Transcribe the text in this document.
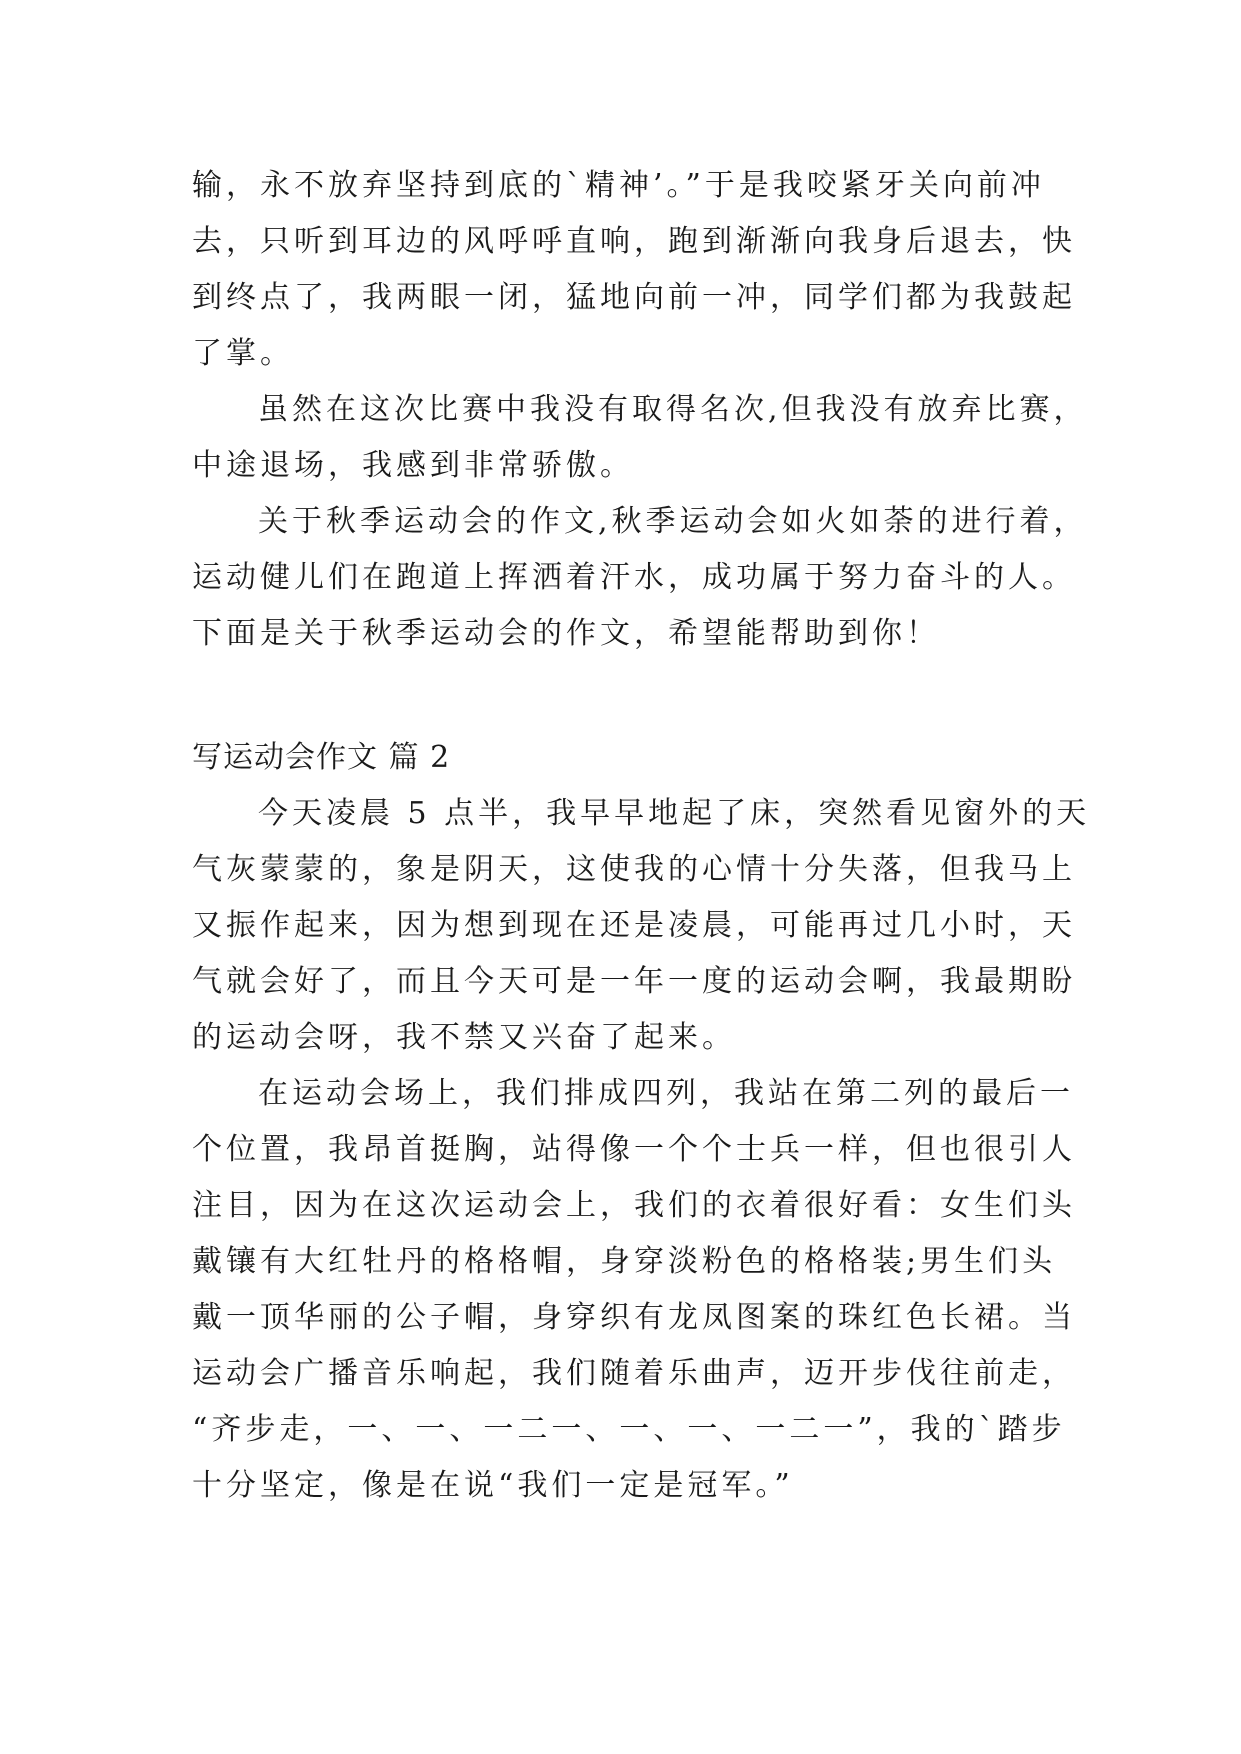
输，永不放弃坚持到底的`精神’。”于是我咬紧牙关向前冲
去，只听到耳边的风呼呼直响，跑到渐渐向我身后退去，快
到终点了，我两眼一闭，猛地向前一冲，同学们都为我鼓起
了掌。
虽然在这次比赛中我没有取得名次,但我没有放弃比赛，
中途退场，我感到非常骄傲。
关于秋季运动会的作文,秋季运动会如火如荼的进行着，
运动健儿们在跑道上挥洒着汗水，成功属于努力奋斗的人。
下面是关于秋季运动会的作文，希望能帮助到你！
写运动会作文 篇 2
今天凌晨 5 点半，我早早地起了床，突然看见窗外的天
气灰蒙蒙的，象是阴天，这使我的心情十分失落，但我马上
又振作起来，因为想到现在还是凌晨，可能再过几小时，天
气就会好了，而且今天可是一年一度的运动会啊，我最期盼
的运动会呀，我不禁又兴奋了起来。
在运动会场上，我们排成四列，我站在第二列的最后一
个位置，我昂首挺胸，站得像一个个士兵一样，但也很引人
注目，因为在这次运动会上，我们的衣着很好看：女生们头
戴镶有大红牡丹的格格帽，身穿淡粉色的格格装;男生们头
戴一顶华丽的公子帽，身穿织有龙凤图案的珠红色长裙。当
运动会广播音乐响起，我们随着乐曲声，迈开步伐往前走，
“齐步走，一、一、一二一、一、一、一二一”，我的`踏步
十分坚定，像是在说“我们一定是冠军。”
